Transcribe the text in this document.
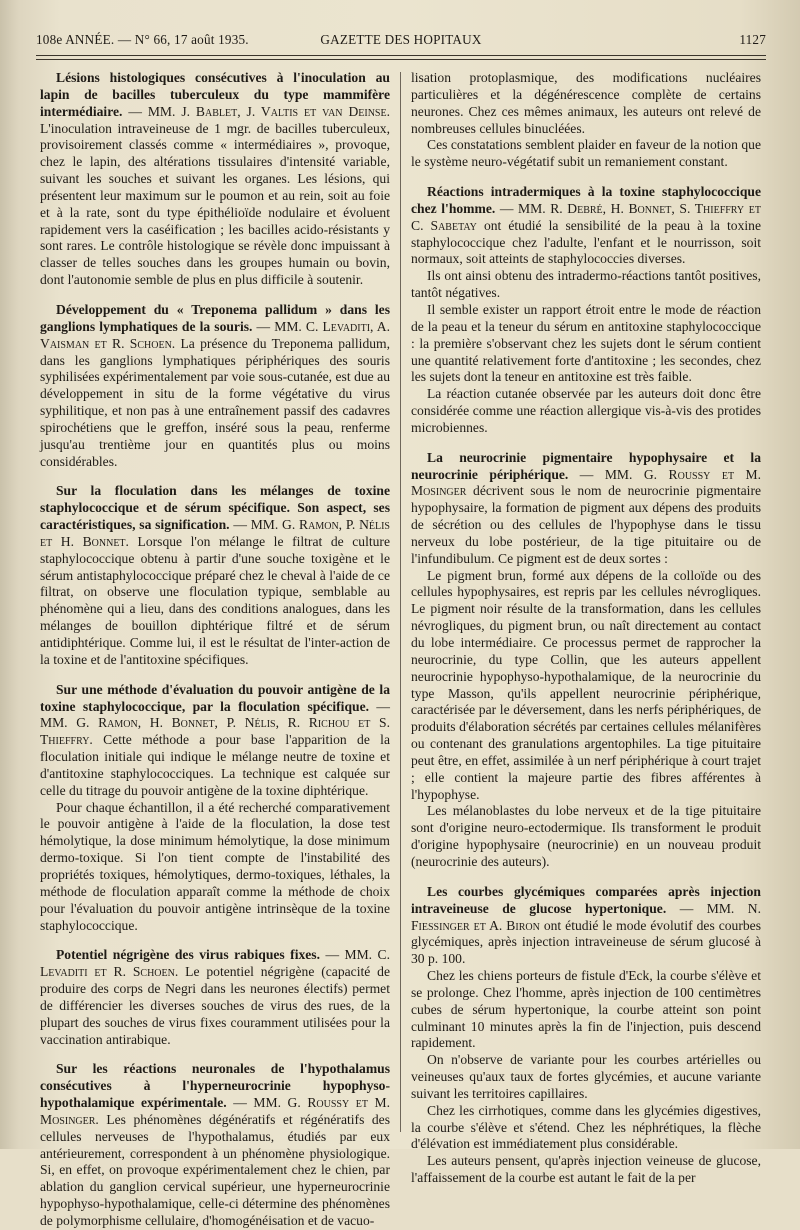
108e ANNÉE. — N° 66, 17 août 1935.	GAZETTE DES HOPITAUX	1127

Lésions histologiques consécutives à l'inoculation au lapin de bacilles tuberculeux du type mammifère intermédiaire. — MM. J. Bablet, J. Valtis et van Deinse. L'inoculation intraveineuse de 1 mgr. de bacilles tuberculeux, provisoirement classés comme « intermédiaires », provoque, chez le lapin, des altérations tissulaires d'intensité variable, suivant les souches et suivant les organes. Les lésions, qui présentent leur maximum sur le poumon et au rein, soit au foie et à la rate, sont du type épithélioïde nodulaire et évoluent rapidement vers la caséification ; les bacilles acido-résistants y sont rares. Le contrôle histologique se révèle donc impuissant à classer de telles souches dans les groupes humain ou bovin, dont l'autonomie semble de plus en plus difficile à soutenir.

Développement du « Treponema pallidum » dans les ganglions lymphatiques de la souris. — MM. C. Levaditi, A. Vaisman et R. Schoen. La présence du Treponema pallidum, dans les ganglions lymphatiques périphériques des souris syphilisées expérimentalement par voie sous-cutanée, est due au développement in situ de la forme végétative du virus syphilitique, et non pas à une entraînement passif des cadavres spirochétiens que le greffon, inséré sous la peau, renferme jusqu'au trentième jour en quantités plus ou moins considérables.

Sur la floculation dans les mélanges de toxine staphylococcique et de sérum spécifique. Son aspect, ses caractéristiques, sa signification. — MM. G. Ramon, P. Nélis et H. Bonnet. Lorsque l'on mélange le filtrat de culture staphylococcique obtenu à partir d'une souche toxigène et le sérum antistaphylococcique préparé chez le cheval à l'aide de ce filtrat, on observe une floculation typique, semblable au phénomène qui a lieu, dans des conditions analogues, dans les mélanges de bouillon diphtérique filtré et de sérum antidiphtérique. Comme lui, il est le résultat de l'inter-action de la toxine et de l'antitoxine spécifiques.

Sur une méthode d'évaluation du pouvoir antigène de la toxine staphylococcique, par la floculation spécifique. — MM. G. Ramon, H. Bonnet, P. Nélis, R. Richou et S. Thieffry. Cette méthode a pour base l'apparition de la floculation initiale qui indique le mélange neutre de toxine et d'antitoxine staphylococciques. La technique est calquée sur celle du titrage du pouvoir antigène de la toxine diphtérique.

Pour chaque échantillon, il a été recherché comparativement le pouvoir antigène à l'aide de la floculation, la dose test hémolytique, la dose minimum hémolytique, la dose minimum dermo-toxique. Si l'on tient compte de l'instabilité des propriétés toxiques, hémolytiques, dermo-toxiques, léthales, la méthode de floculation apparaît comme la méthode de choix pour l'évaluation du pouvoir antigène intrinsèque de la toxine staphylococcique.

Potentiel négrigène des virus rabiques fixes. — MM. C. Levaditi et R. Schoen. Le potentiel négrigène (capacité de produire des corps de Negri dans les neurones électifs) permet de différencier les diverses souches de virus des rues, de la plupart des souches de virus fixes couramment utilisées pour la vaccination antirabique.

Sur les réactions neuronales de l'hypothalamus consécutives à l'hyperneurocrinie hypophyso-hypothalamique expérimentale. — MM. G. Roussy et M. Mosinger. Les phénomènes dégénératifs et régénératifs des cellules nerveuses de l'hypothalamus, étudiés par eux antérieurement, correspondent à un phénomène physiologique. Si, en effet, on provoque expérimentalement chez le chien, par ablation du ganglion cervical supérieur, une hyperneurocrinie hypophyso-hypothalamique, celle-ci détermine des phénomènes de polymorphisme cellulaire, d'homogénéisation et de vacuo-

lisation protoplasmique, des modifications nucléaires particulières et la dégénérescence complète de certains neurones. Chez ces mêmes animaux, les auteurs ont relevé de nombreuses cellules binucléées.

Ces constatations semblent plaider en faveur de la notion que le système neuro-végétatif subit un remaniement constant.

Réactions intradermiques à la toxine staphylococcique chez l'homme. — MM. R. Debré, H. Bonnet, S. Thieffry et C. Sabetay ont étudié la sensibilité de la peau à la toxine staphylococcique chez l'adulte, l'enfant et le nourrisson, soit normaux, soit atteints de staphylococcies diverses.

Ils ont ainsi obtenu des intradermo-réactions tantôt positives, tantôt négatives.

Il semble exister un rapport étroit entre le mode de réaction de la peau et la teneur du sérum en antitoxine staphylococcique : la première s'observant chez les sujets dont le sérum contient une quantité relativement forte d'antitoxine ; les secondes, chez les sujets dont la teneur en antitoxine est très faible.

La réaction cutanée observée par les auteurs doit donc être considérée comme une réaction allergique vis-à-vis des protides microbiennes.

La neurocrinie pigmentaire hypophysaire et la neurocrinie périphérique. — MM. G. Roussy et M. Mosinger décrivent sous le nom de neurocrinie pigmentaire hypophysaire, la formation de pigment aux dépens des produits de sécrétion ou des cellules de l'hypophyse dans le tissu nerveux du lobe postérieur, de la tige pituitaire ou de l'infundibulum. Ce pigment est de deux sortes :

Le pigment brun, formé aux dépens de la colloïde ou des cellules hypophysaires, est repris par les cellules névrogliques. Le pigment noir résulte de la transformation, dans les cellules névrogliques, du pigment brun, ou naît directement au contact du lobe intermédiaire. Ce processus permet de rapprocher la neurocrinie, du type Collin, que les auteurs appellent neurocrinie hypophyso-hypothalamique, de la neurocrinie du type Masson, qu'ils appellent neurocrinie périphérique, caractérisée par le déversement, dans les nerfs périphériques, de produits d'élaboration sécrétés par certaines cellules mélanifères ou contenant des granulations argentophiles. La tige pituitaire peut être, en effet, assimilée à un nerf périphérique à court trajet ; elle contient la majeure partie des fibres afférentes à l'hypophyse.

Les mélanoblastes du lobe nerveux et de la tige pituitaire sont d'origine neuro-ectodermique. Ils transforment le produit d'origine hypophysaire (neurocrinie) en un nouveau produit (neurocrinie des auteurs).

Les courbes glycémiques comparées après injection intraveineuse de glucose hypertonique. — MM. N. Fiessinger et A. Biron ont étudié le mode évolutif des courbes glycémiques, après injection intraveineuse de sérum glucosé à 30 p. 100.

Chez les chiens porteurs de fistule d'Eck, la courbe s'élève et se prolonge. Chez l'homme, après injection de 100 centimètres cubes de sérum hypertonique, la courbe atteint son point culminant 10 minutes après la fin de l'injection, puis descend rapidement.

On n'observe de variante pour les courbes artérielles ou veineuses qu'aux taux de fortes glycémies, et aucune variante suivant les territoires capillaires.

Chez les cirrhotiques, comme dans les glycémies digestives, la courbe s'élève et s'étend. Chez les néphrétiques, la flèche d'élévation est immédiatement plus considérable.

Les auteurs pensent, qu'après injection veineuse de glucose, l'affaissement de la courbe est autant le fait de la per
